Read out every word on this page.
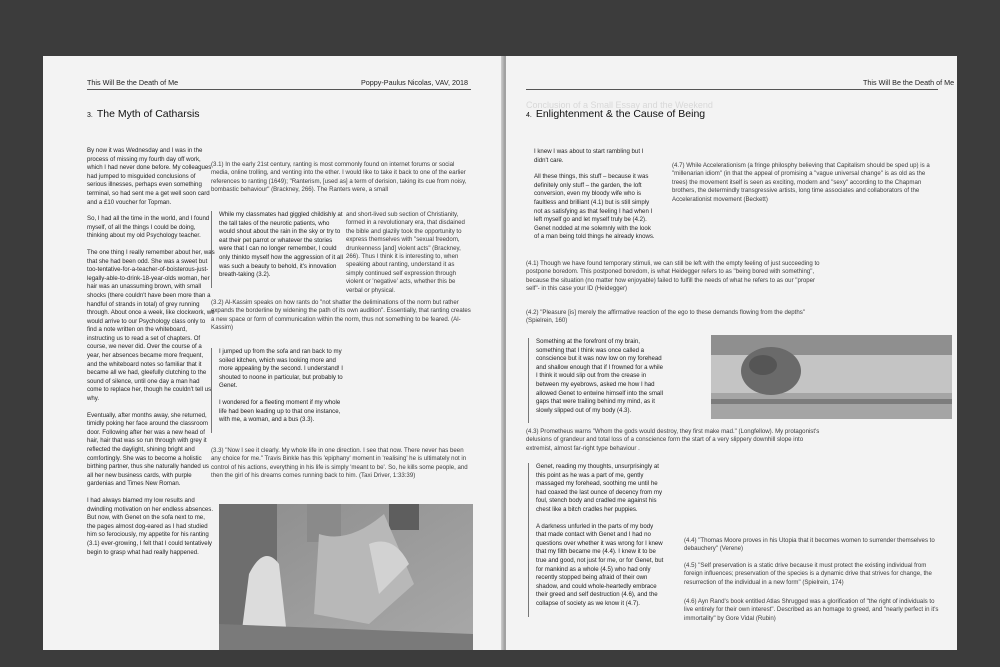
This Will Be the Death of Me	Poppy-Paulus Nicolas, VAV, 2018
3. The Myth of Catharsis

By now it was Wednesday and I was in the process of missing my fourth day off work, which I had never done before. My colleagues had jumped to misguided conclusions of serious illnesses, perhaps even something terminal, so had sent me a get well soon card and a £10 voucher for Topman.

So, I had all the time in the world, and I found myself, of all the things I could be doing, thinking about my old Psychology teacher.

The one thing I really remember about her, was that she had been odd. She was a sweet but too-tentative-for-a-teacher-of-boisterous-just-legally-able-to-drink-18-year-olds woman, her hair was an unassuming brown, with small shocks (there couldn't have been more than a handful of strands in total) of grey running through. About once a week, like clockwork, we would arrive to our Psychology class only to find a note written on the whiteboard, instructing us to read a set of chapters. Of course, we never did. Over the course of a year, her absences became more frequent, and the whiteboard notes so familiar that it became all we had, gleefully clutching to the sound of silence, until one day a man had come to replace her, though he couldn't tell us why.

Eventually, after months away, she returned, timidly poking her face around the classroom door. Following after her was a new head of hair, hair that was so run through with grey it reflected the daylight, shining bright and comfortingly. She was to become a holistic birthing partner, thus she naturally handed us all her new business cards, with purple gardenias and Times New Roman.

I had always blamed my low results and dwindling motivation on her endless absences. But now, with Genet on the sofa next to me, the pages almost dog-eared as I had studied him so ferociously, my appetite for his ranting (3.1) ever-growing, I felt that I could tentatively begin to grasp what had really happened.

(3.1) In the early 21st century, ranting is most commonly found on internet forums or social media, online trolling, and venting into the ether. I would like to take it back to one of the earlier references to ranting (1649); "Ranterism, [used as] a term of derision, taking its cue from noisy, bombastic behaviour" (Brackney, 266). The Ranters were, a small

While my classmates had giggled childishly at the tall tales of the neurotic patients, who would shout about the rain in the sky or try to eat their pet parrot or whatever the stories were that I can no longer remember, I could only thinkto myself how the aggression of it all was such a beauty to behold, it's innovation breath-taking (3.2).

and short-lived sub section of Christianity, formed in a revolutionary era, that disdained the bible and glazily took the opportunity to express themselves with "sexual freedom, drunkenness [and] violent acts" (Brackney, 266). Thus I think it is interesting to, when speaking about ranting, understand it as simply continued self expression through violent or 'negative' acts, whether this be verbal or physical.
(3.2) Al-Kassim speaks on how rants do "not shatter the deliminations of the norm but rather expands the borderline by widening the path of its own audition". Essentially, that ranting creates a new space or form of communication within the norm, thus not something to be feared. (Al-Kassim)

I jumped up from the sofa and ran back to my soiled kitchen, which was looking more and more appealing by the second. I understand! I shouted to noone in particular, but probably to Genet.

I wondered for a fleeting moment if my whole life had been leading up to that one instance, with me, a woman, and a bus (3.3).

(3.3) "Now I see it clearly. My whole life in one direction. I see that now. There never has been any choice for me." Travis Binkle has this 'epiphany' moment in 'realising' he is ultimately not in control of his actions, everything in his life is simply 'meant to be'. So, he kills some people, and then the girl of his dreams comes running back to him. (Taxi Driver, 1:33:39)
Conclusion of a Small Essay and the Weekend
This Will Be the Death of Me
4. Enlightenment & the Cause of Being

I knew I was about to start rambling but I didn't care.

All these things, this stuff – because it was definitely only stuff – the garden, the loft conversion, even my bloody wife who is faultless and brilliant (4.1) but is still simply not as satisfying as that feeling I had when I left myself go and let myself truly be (4.2). Genet nodded at me solemnly with the look of a man being told things he already knows.

(4.7) While Accelerationism (a fringe philosphy believing that Capitalism should be sped up) is a "millenarian idiom" (in that the appeal of promising a "vague universal change" is as old as the trees) the movement itself is seen as exciting, modern and "sexy" according to the Chapman brothers, the determindly transgressive artists, long time associates and collaborators of the Accelerationist movement (Beckett)
(4.1) Though we have found temporary stimuli, we can still be left with the empty feeling of just succeeding to postpone boredom. This postponed boredom, is what Heidegger refers to as "being bored with something", because the situation (no matter how enjoyable) failed to fulfill the needs of what he refers to as our "proper self"- in this case your ID (Heidegger)
(4.2) "Pleasure [is] merely the affirmative reaction of the ego to these demands flowing from the depths" (Spielrein, 160)

Something at the forefront of my brain, something that I think was once called a conscience but it was now low on my forehead and shallow enough that if I frowned for a while I think it would slip out from the crease in between my eyebrows, asked me how I had allowed Genet to entwine himself into the small gaps that were trailing behind my mind, as it slowly slipped out of my body (4.3).

(4.3) Prometheus warns "Whom the gods would destroy, they first make mad." (Longfellow). My protagonist's delusions of grandeur and total loss of a conscience form the start of a very slippery downhill slope into extremist, almost far-right type behaviour .

Genet, reading my thoughts, unsurprisingly at this point as he was a part of me, gently massaged my forehead, soothing me until he had coaxed the last ounce of decency from my foul, stench body and cradled me against his chest like a bitch cradles her puppies.

A darkness unfurled in the parts of my body that made contact with Genet and I had no questions over whether it was wrong for I knew that my filth became me (4.4). I knew it to be true and good, not just for me, or for Genet, but for mankind as a whole (4.5) who had only recently stopped being afraid of their own shadow, and could whole-heartedly embrace their greed and self destruction (4.6), and the collapse of society as we know it (4.7).

(4.4) "Thomas Moore proves in his Utopia that it becomes women to surrender themselves to debauchery" (Verene)
(4.5) "Self preservation is a static drive because it must protect the existing individual from foreign influences; preservation of the species is a dynamic drive that strives for change, the resurrection of the individual in a new form" (Spielrein, 174)
(4.6) Ayn Rand's book entitled Atlas Shrugged was a glorification of "the right of individuals to live entirely for their own interest". Described as an homage to greed, and "nearly perfect in it's immortality" by Gore Vidal (Rubin)
